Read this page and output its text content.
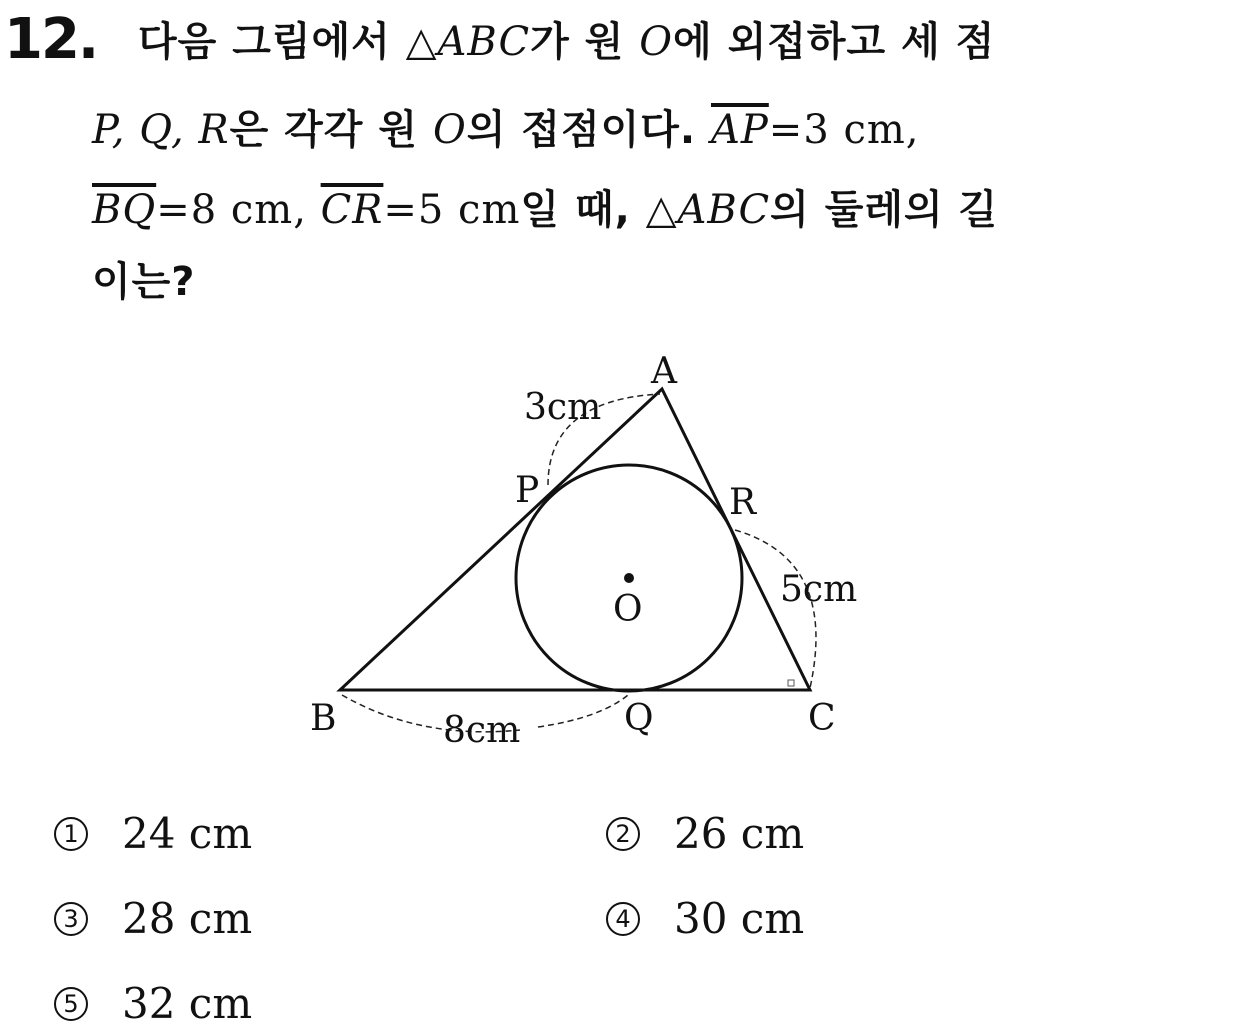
12. 다음 그림에서 △ABC가 원 O에 외접하고 세 점
P, Q, R은 각각 원 O의 접점이다. $\overline{AP}=3$ cm,
$\overline{BQ}=8$ cm, $\overline{CR}=5$ cm일 때, △ABC의 둘레의 길
이는?
A
P	R
O
B	Q	C
3cm
5cm
8cm
1 24 cm	2 26 cm
3 28 cm	4 30 cm
5 32 cm
